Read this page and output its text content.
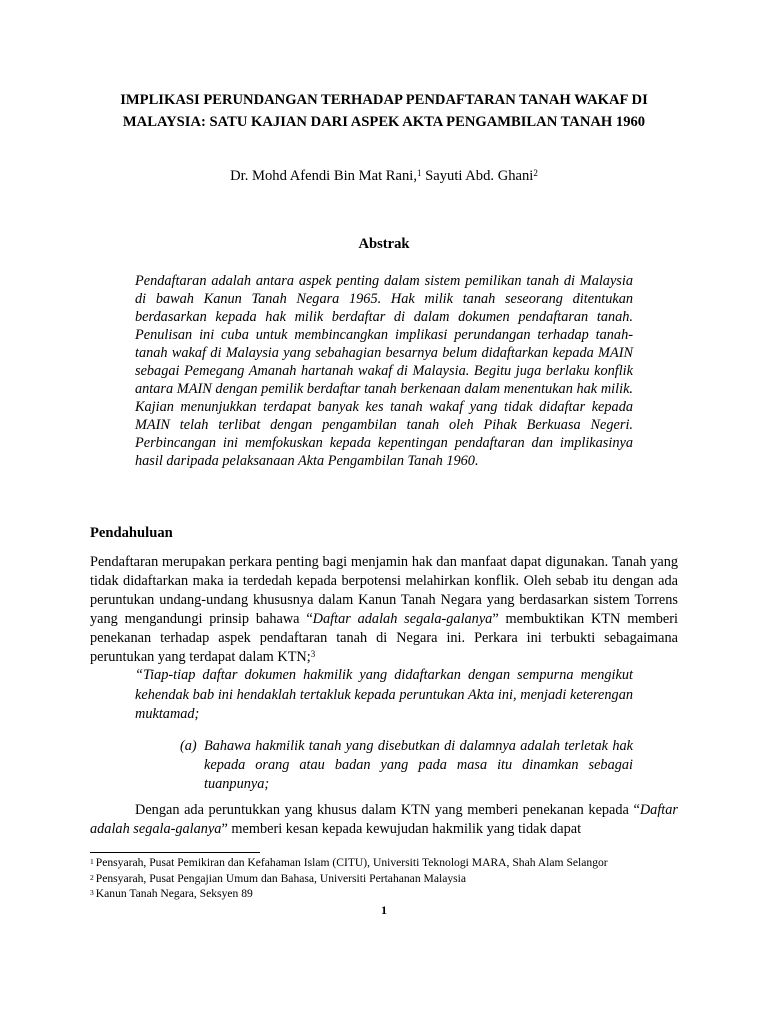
IMPLIKASI PERUNDANGAN TERHADAP PENDAFTARAN TANAH WAKAF DI
MALAYSIA: SATU KAJIAN DARI ASPEK AKTA PENGAMBILAN TANAH 1960
Dr. Mohd Afendi Bin Mat Rani,$^1$ Sayuti Abd. Ghani$^2$
Abstrak
Pendaftaran adalah antara aspek penting dalam sistem pemilikan tanah di Malaysia di bawah Kanun Tanah Negara 1965. Hak milik tanah seseorang ditentukan berdasarkan kepada hak milik berdaftar di dalam dokumen pendaftaran tanah. Penulisan ini cuba untuk membincangkan implikasi perundangan terhadap tanah-tanah wakaf di Malaysia yang sebahagian besarnya belum didaftarkan kepada MAIN sebagai Pemegang Amanah hartanah wakaf di Malaysia. Begitu juga berlaku konflik antara MAIN dengan pemilik berdaftar tanah berkenaan dalam menentukan hak milik. Kajian menunjukkan terdapat banyak kes tanah wakaf yang tidak didaftar kepada MAIN telah terlibat dengan pengambilan tanah oleh Pihak Berkuasa Negeri. Perbincangan ini memfokuskan kepada kepentingan pendaftaran dan implikasinya hasil daripada pelaksanaan Akta Pengambilan Tanah 1960.
Pendahuluan
Pendaftaran merupakan perkara penting bagi menjamin hak dan manfaat dapat digunakan. Tanah yang tidak didaftarkan maka ia terdedah kepada berpotensi melahirkan konflik. Oleh sebab itu dengan ada peruntukan undang-undang khususnya dalam Kanun Tanah Negara yang berdasarkan sistem Torrens yang mengandungi prinsip bahawa “Daftar adalah segala-galanya” membuktikan KTN memberi penekanan terhadap aspek pendaftaran tanah di Negara ini. Perkara ini terbukti sebagaimana peruntukan yang terdapat dalam KTN;$^3$
“Tiap-tiap daftar dokumen hakmilik yang didaftarkan dengan sempurna mengikut kehendak bab ini hendaklah tertakluk kepada peruntukan Akta ini, menjadi keterengan muktamad;
(a) Bahawa hakmilik tanah yang disebutkan di dalamnya adalah terletak hak kepada orang atau badan yang pada masa itu dinamkan sebagai tuanpunya;
Dengan ada peruntukkan yang khusus dalam KTN yang memberi penekanan kepada “Daftar adalah segala-galanya” memberi kesan kepada kewujudan hakmilik yang tidak dapat
$^1$ Pensyarah, Pusat Pemikiran dan Kefahaman Islam (CITU), Universiti Teknologi MARA, Shah Alam Selangor
$^2$ Pensyarah, Pusat Pengajian Umum dan Bahasa, Universiti Pertahanan Malaysia
$^3$ Kanun Tanah Negara, Seksyen 89
1
